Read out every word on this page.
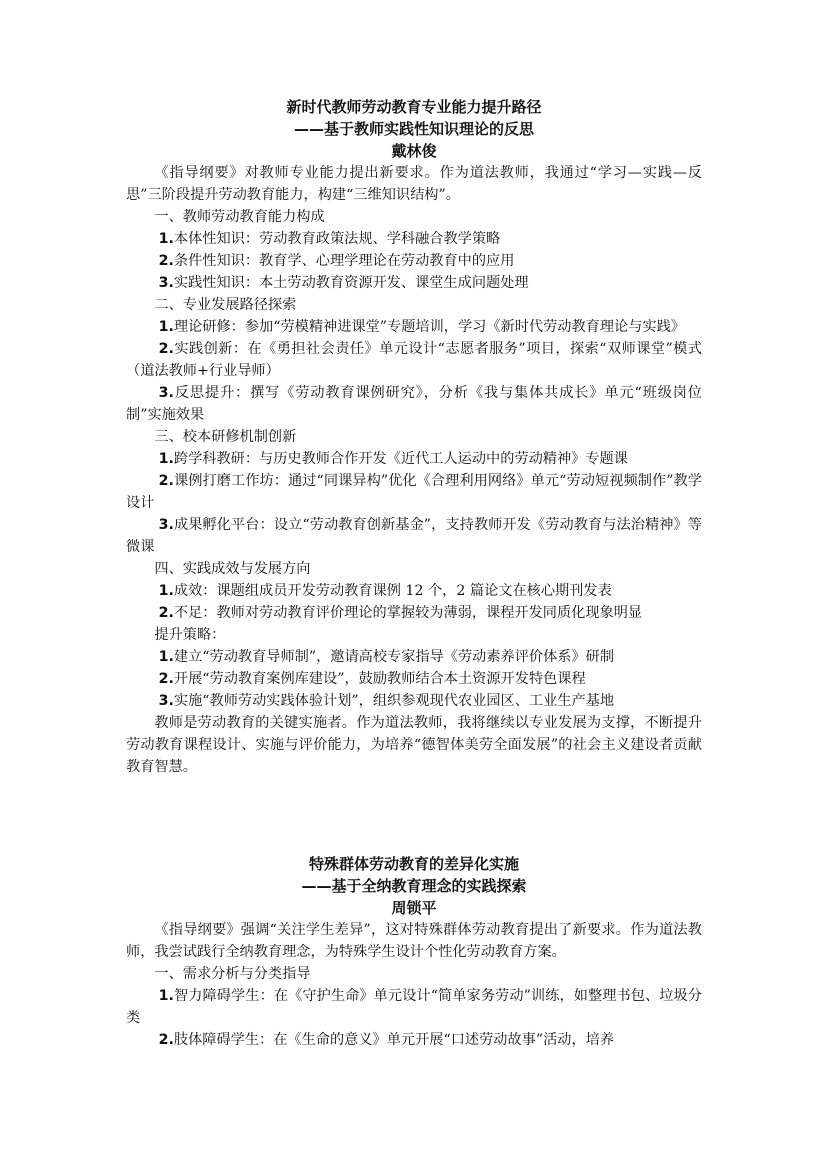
新时代教师劳动教育专业能力提升路径

——基于教师实践性知识理论的反思

戴林俊

《指导纲要》对教师专业能力提出新要求。作为道法教师，我通过“学习—实践—反思”三阶段提升劳动教育能力，构建“三维知识结构”。

一、教师劳动教育能力构成

1.本体性知识：劳动教育政策法规、学科融合教学策略

2.条件性知识：教育学、心理学理论在劳动教育中的应用

3.实践性知识：本土劳动教育资源开发、课堂生成问题处理

二、专业发展路径探索

1.理论研修：参加“劳模精神进课堂”专题培训，学习《新时代劳动教育理论与实践》

2.实践创新：在《勇担社会责任》单元设计“志愿者服务”项目，探索“双师课堂”模式（道法教师+行业导师）

3.反思提升：撰写《劳动教育课例研究》，分析《我与集体共成长》单元“班级岗位制”实施效果

三、校本研修机制创新

1.跨学科教研：与历史教师合作开发《近代工人运动中的劳动精神》专题课

2.课例打磨工作坊：通过“同课异构”优化《合理利用网络》单元“劳动短视频制作”教学设计

3.成果孵化平台：设立“劳动教育创新基金”，支持教师开发《劳动教育与法治精神》等微课

四、实践成效与发展方向

1.成效：课题组成员开发劳动教育课例 12 个，2 篇论文在核心期刊发表

2.不足：教师对劳动教育评价理论的掌握较为薄弱，课程开发同质化现象明显

提升策略：

1.建立“劳动教育导师制”，邀请高校专家指导《劳动素养评价体系》研制

2.开展“劳动教育案例库建设”，鼓励教师结合本土资源开发特色课程

3.实施“教师劳动实践体验计划”，组织参观现代农业园区、工业生产基地

教师是劳动教育的关键实施者。作为道法教师，我将继续以专业发展为支撑，不断提升劳动教育课程设计、实施与评价能力，为培养“德智体美劳全面发展”的社会主义建设者贡献教育智慧。

特殊群体劳动教育的差异化实施

——基于全纳教育理念的实践探索

周锁平

《指导纲要》强调“关注学生差异”，这对特殊群体劳动教育提出了新要求。作为道法教师，我尝试践行全纳教育理念，为特殊学生设计个性化劳动教育方案。

一、需求分析与分类指导

1.智力障碍学生：在《守护生命》单元设计“简单家务劳动”训练，如整理书包、垃圾分类

2.肢体障碍学生：在《生命的意义》单元开展“口述劳动故事”活动，培养
